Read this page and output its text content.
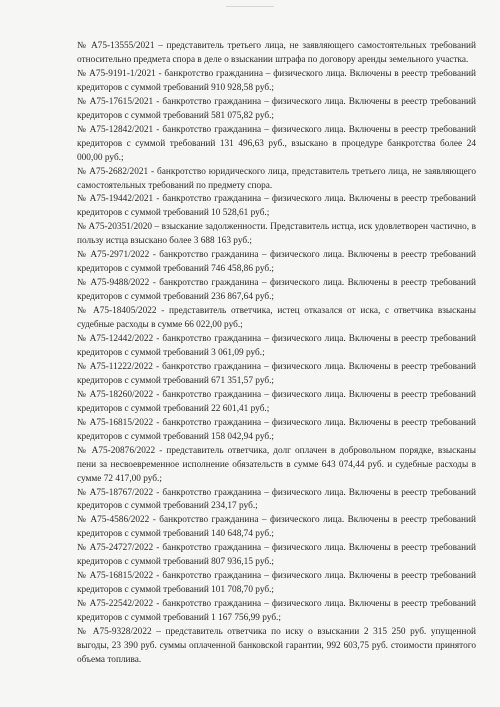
№ А75-13555/2021 – представитель третьего лица, не заявляющего самостоятельных требований относительно предмета спора в деле о взыскании штрафа по договору аренды земельного участка.

№ А75-9191-1/2021 - банкротство гражданина – физического лица. Включены в реестр требований кредиторов с суммой требований 910 928,58 руб.;

№ А75-17615/2021 - банкротство гражданина – физического лица. Включены в реестр требований кредиторов с суммой требований 581 075,82 руб.;

№ А75-12842/2021 - банкротство гражданина – физического лица. Включены в реестр требований кредиторов с суммой требований 131 496,63 руб., взыскано в процедуре банкротства более 24 000,00 руб.;

№ А75-2682/2021 - банкротство юридического лица, представитель третьего лица, не заявляющего самостоятельных требований по предмету спора.

№ А75-19442/2021 - банкротство гражданина – физического лица. Включены в реестр требований кредиторов с суммой требований 10 528,61 руб.;

№ А75-20351/2020 – взыскание задолженности. Представитель истца, иск удовлетворен частично, в пользу истца взыскано более 3 688 163 руб.;

№ А75-2971/2022 - банкротство гражданина – физического лица. Включены в реестр требований кредиторов с суммой требований 746 458,86 руб.;

№ А75-9488/2022 - банкротство гражданина – физического лица. Включены в реестр требований кредиторов с суммой требований 236 867,64 руб.;

№ А75-18405/2022 - представитель ответчика, истец отказался от иска, с ответчика взысканы судебные расходы в сумме 66 022,00 руб.;

№ А75-12442/2022 - банкротство гражданина – физического лица. Включены в реестр требований кредиторов с суммой требований 3 061,09 руб.;

№ А75-11222/2022 - банкротство гражданина – физического лица. Включены в реестр требований кредиторов с суммой требований 671 351,57 руб.;

№ А75-18260/2022 - банкротство гражданина – физического лица. Включены в реестр требований кредиторов с суммой требований 22 601,41 руб.;

№ А75-16815/2022 - банкротство гражданина – физического лица. Включены в реестр требований кредиторов с суммой требований 158 042,94 руб.;

№ А75-20876/2022 - представитель ответчика, долг оплачен в добровольном порядке, взысканы пени за несвоевременное исполнение обязательств в сумме 643 074,44 руб. и судебные расходы в сумме 72 417,00 руб.;

№ А75-18767/2022 - банкротство гражданина – физического лица. Включены в реестр требований кредиторов с суммой требований 234,17 руб.;

№ А75-4586/2022 - банкротство гражданина – физического лица. Включены в реестр требований кредиторов с суммой требований 140 648,74 руб.;

№ А75-24727/2022 - банкротство гражданина – физического лица. Включены в реестр требований кредиторов с суммой требований 807 936,15 руб.;

№ А75-16815/2022 - банкротство гражданина – физического лица. Включены в реестр требований кредиторов с суммой требований 101 708,70 руб.;

№ А75-22542/2022 - банкротство гражданина – физического лица. Включены в реестр требований кредиторов с суммой требований 1 167 756,99 руб.;

№ А75-9328/2022 – представитель ответчика по иску о взыскании 2 315 250 руб. упущенной выгоды, 23 390 руб. суммы оплаченной банковской гарантии, 992 603,75 руб. стоимости принятого объема топлива.
